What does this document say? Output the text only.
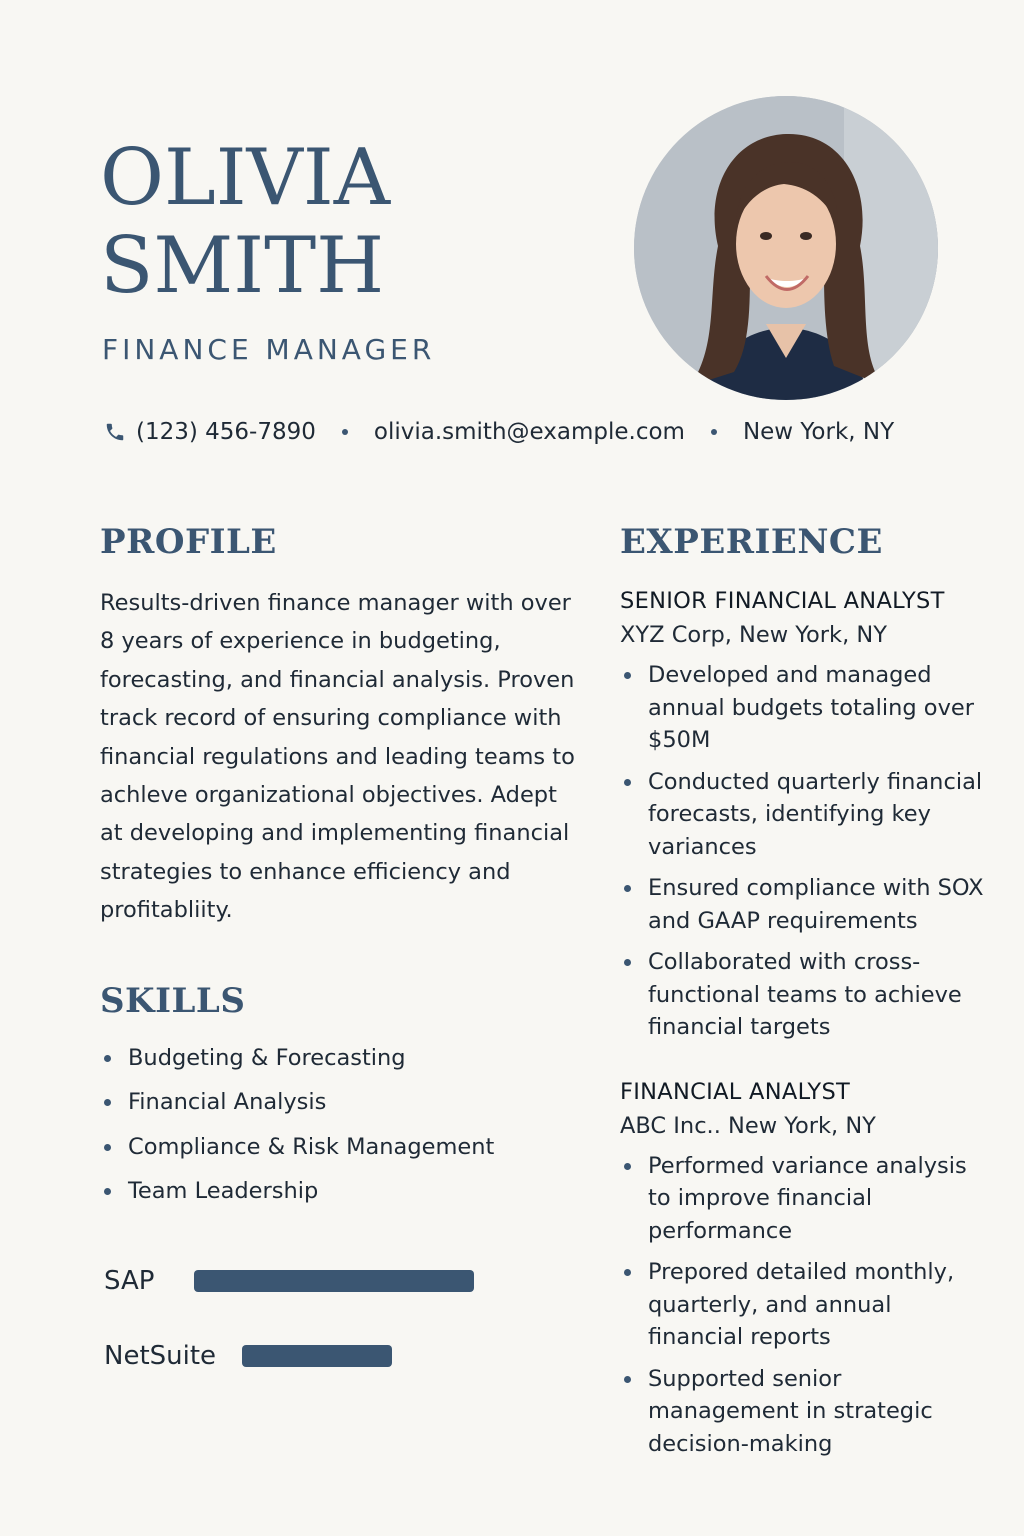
OLIVIA
SMITH
FINANCE MANAGER
(123) 456-7890	olivia.smith@example.com	New York, NY
PROFILE

Results-driven finance manager with over 8 years of experience in budgeting, forecasting, and financial analysis. Proven track record of ensuring compliance with financial regulations and leading teams to achleve organizational objectives. Adept at developing and implementing financial strategies to enhance efficiency and profitabliity.

SKILLS
Budgeting & Forecasting
Financial Analysis
Compliance & Risk Management
Team Leadership
SAP
NetSuite
EXPERIENCE
SENIOR FINANCIAL ANALYST
XYZ Corp, New York, NY
Developed and managed annual budgets totaling over $50M
Conducted quarterly financial forecasts, identifying key variances
Ensured compliance with SOX and GAAP requirements
Collaborated with cross-functional teams to achieve financial targets
FINANCIAL ANALYST
ABC Inc.. New York, NY
Performed variance analysis to improve financial performance
Prepored detailed monthly, quarterly, and annual financial reports
Supported senior management in strategic decision-making
